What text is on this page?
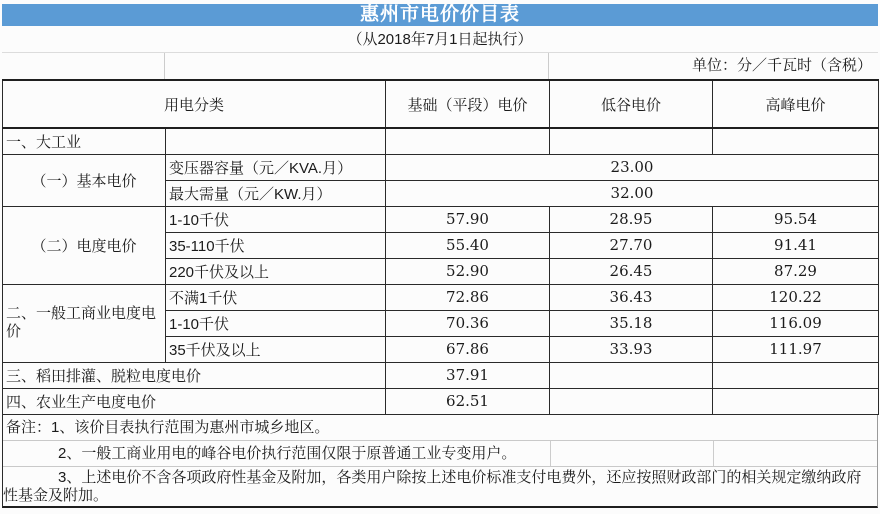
惠州市电价价目表
（从2018年7月1日起执行）
单位：分／千瓦时（含税）
用电分类		基础（平段）电价	低谷电价	高峰电价
一、大工业				
（一）基本电价	变压器容量（元／KVA.月）	23.00		
	最大需量（元／KW.月）	32.00		
（二）电度电价	1-10千伏	57.90	28.95	95.54
	35-110千伏	55.40	27.70	91.41
	220千伏及以上	52.90	26.45	87.29
二、一般工商业电度电价	不满1千伏	72.86	36.43	120.22
	1-10千伏	70.36	35.18	116.09
	35千伏及以上	67.86	33.93	111.97
三、稻田排灌、脱粒电度电价		37.91		
四、农业生产电度电价		62.51		
备注：1、该价目表执行范围为惠州市城乡地区。
2、一般工商业用电的峰谷电价执行范围仅限于原普通工业专变用户。
3、上述电价不含各项政府性基金及附加，各类用户除按上述电价标准支付电费外，还应按照财政部门的相关规定缴纳政府性基金及附加。
